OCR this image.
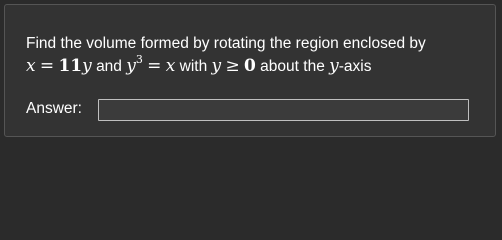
Find the volume formed by rotating the region enclosed by
x = 11y and $y^3 = x$ with y ≥ 0 about the y-axis
Answer:
